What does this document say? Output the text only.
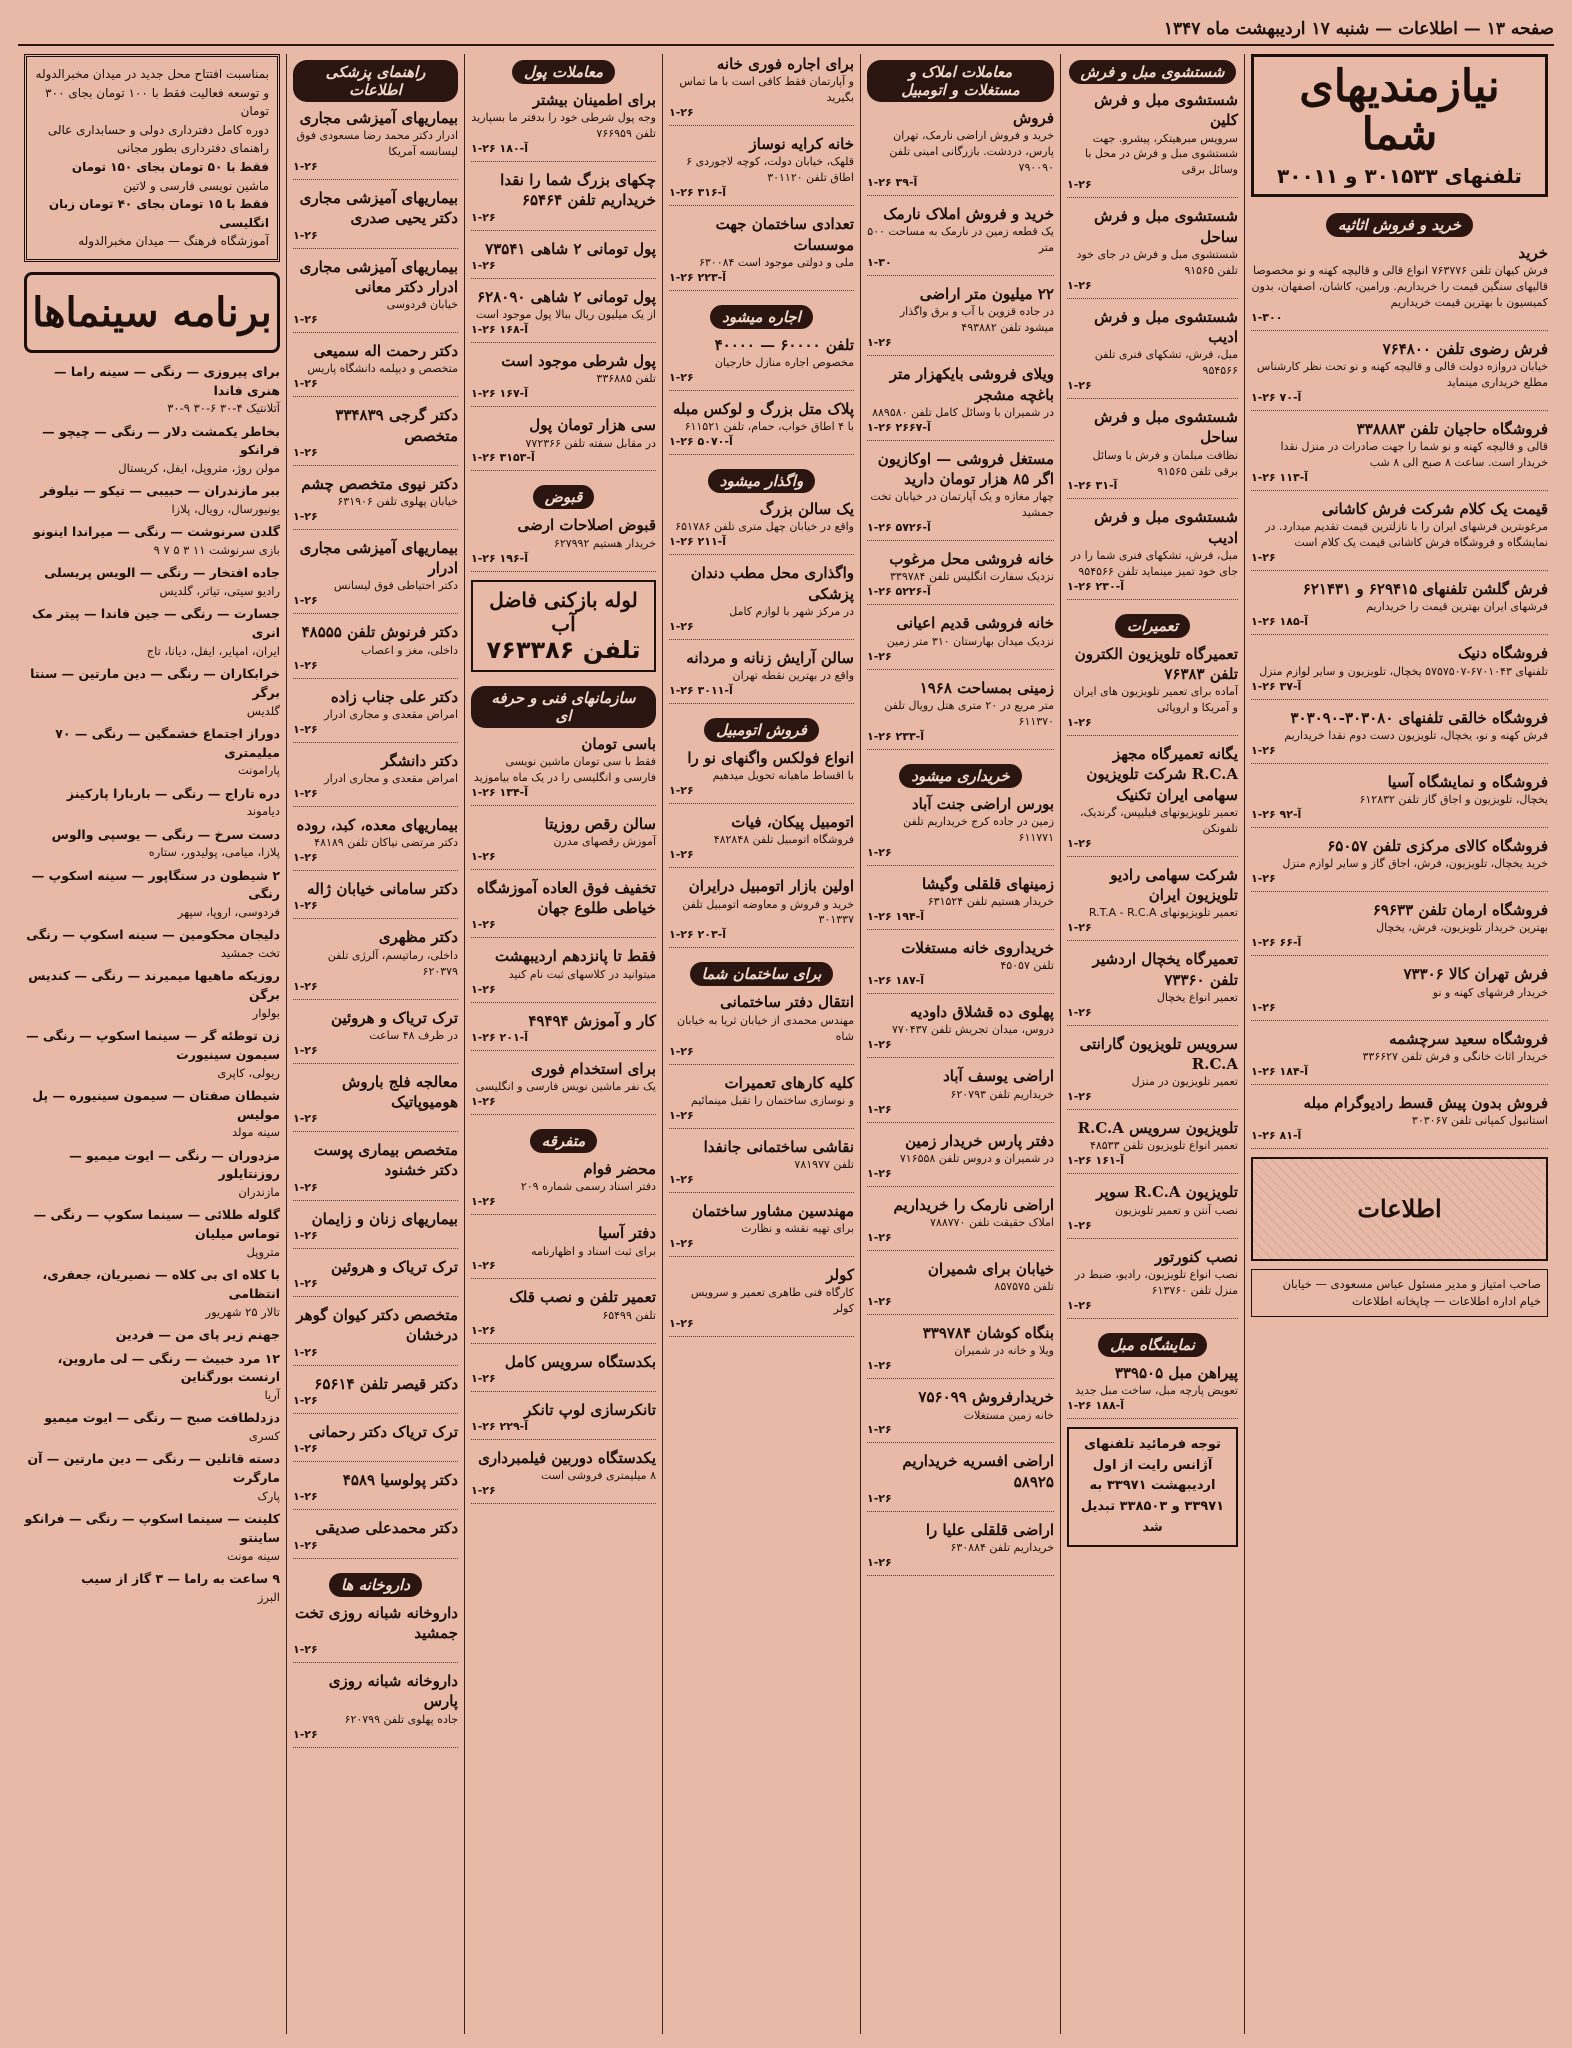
صفحه ۱۳
—
اطلاعات
—
شنبه ۱۷ اردیبهشت ماه ۱۳۴۷
نیازمندیهای شما
تلفنهای ۳۰۱۵۳۳ و ۳۰۰۱۱
خرید و فروش اثاثیه
خرید
فرش کیهان تلفن ۷۶۳۷۷۶ انواع قالی و قالیچه کهنه و نو مخصوصا قالیهای سنگین قیمت را خریداریم. ورامین، کاشان، اصفهان، بدون کمیسیون با بهترین قیمت خریداریم
۱-۳۰۰
فرش رضوی تلفن ۷۶۴۸۰۰
خیابان دروازه دولت قالی و قالیچه کهنه و نو تحت نظر کارشناس مطلع خریداری مینماید
۱-۲۶ ۷۰-آ
فروشگاه حاجیان تلفن ۳۳۸۸۸۳
قالی و قالیچه کهنه و نو شما را جهت صادرات در منزل نقدا خریدار است. ساعت ۸ صبح الی ۸ شب
۱-۲۶ ۱۱۳-آ
قیمت یک کلام شرکت فرش کاشانی
مرغوبترین فرشهای ایران را با نازلترین قیمت تقدیم میدارد. در نمایشگاه و فروشگاه فرش کاشانی قیمت یک کلام است
۱-۲۶
فرش گلشن تلفنهای ۶۲۹۴۱۵ و ۶۲۱۴۳۱
فرشهای ایران بهترین قیمت را خریداریم
۱-۲۶ ۱۸۵-آ
فروشگاه دنیک
تلفنهای ۶۷۰۱۰۴۳-۵۷۵۷۵۰۷ یخچال، تلویزیون و سایر لوازم منزل
۱-۲۶ ۳۷-آ
فروشگاه خالقی تلفنهای ۳۰۳۰۸۰-۳۰۳۰۹۰
فرش کهنه و نو، یخچال، تلویزیون دست دوم نقدا خریداریم
۱-۲۶
فروشگاه و نمایشگاه آسیا
یخچال، تلویزیون و اجاق گاز تلفن ۶۱۲۸۳۲
۱-۲۶ ۹۲-آ
فروشگاه کالای مرکزی تلفن ۶۵۰۵۷
خرید یخچال، تلویزیون، فرش، اجاق گاز و سایر لوازم منزل
۱-۲۶
فروشگاه ارمان تلفن ۶۹۶۳۳
بهترین خریدار تلویزیون، فرش، یخچال
۱-۲۶ ۶۶-آ
فرش تهران کالا ۷۳۳۰۶
خریدار فرشهای کهنه و نو
۱-۲۶
فروشگاه سعید سرچشمه
خریدار اثاث خانگی و فرش تلفن ۳۳۶۶۲۷
۱-۲۶ ۱۸۴-آ
فروش بدون پیش قسط رادیوگرام مبله
استانبول کمپانی تلفن ۳۰۳۰۶۷
۱-۲۶ ۸۱-آ
اطلاعات
صاحب امتیاز و مدیر مسئول عباس مسعودی — خیابان خیام اداره اطلاعات — چاپخانه اطلاعات
شستشوی مبل و فرش
شستشوی مبل و فرش کلین
سرویس مبرهیتکر، پیشرو. جهت شستشوی مبل و فرش در محل با وسائل برقی
۱-۲۶
شستشوی مبل و فرش ساحل
شستشوی مبل و فرش در جای خود تلفن ۹۱۵۶۵
۱-۲۶
شستشوی مبل و فرش ادیب
مبل، فرش، تشکهای فنری تلفن ۹۵۴۵۶۶
۱-۲۶
شستشوی مبل و فرش ساحل
نظافت مبلمان و فرش با وسائل برقی تلفن ۹۱۵۶۵
۱-۲۶ ۳۱-آ
شستشوی مبل و فرش ادیب
مبل، فرش، تشکهای فنری شما را در جای خود تمیز مینماید تلفن ۹۵۴۵۶۶
۱-۲۶ ۲۳۰-آ
تعمیرات
تعمیرگاه تلویزیون الکترون تلفن ۷۶۳۸۳
آماده برای تعمیر تلویزیون های ایران و آمریکا و اروپائی
۱-۲۶
یگانه تعمیرگاه مجهز R.C.A شرکت تلویزیون سهامی ایران تکنیک
تعمیر تلویزیونهای فیلیپس، گرندیک، تلفونکن
۱-۲۶
شرکت سهامی رادیو تلویزیون ایران
تعمیر تلویزیونهای R.T.A - R.C.A
۱-۲۶
تعمیرگاه یخچال اردشیر تلفن ۷۳۳۶۰
تعمیر انواع یخچال
۱-۲۶
سرویس تلویزیون گارانتی R.C.A
تعمیر تلویزیون در منزل
۱-۲۶
تلویزیون سرویس R.C.A
تعمیر انواع تلویزیون تلفن ۴۸۵۳۳
۱-۲۶ ۱۶۱-آ
تلویزیون R.C.A سوپر
نصب آنتن و تعمیر تلویزیون
۱-۲۶
نصب کنورتور
نصب انواع تلویزیون، رادیو، ضبط در منزل تلفن ۶۱۳۷۶۰
۱-۲۶
نمایشگاه مبل
پیراهن مبل ۳۳۹۵۰۵
تعویض پارچه مبل، ساخت مبل جدید
۱-۲۶ ۱۸۸-آ
توجه فرمائید تلفنهای آژانس رایت از اول اردیبهشت ۳۳۹۷۱ به ۳۳۹۷۱ و ۳۳۸۵۰۳ تبدیل شد
معاملات املاک و مستغلات و اتومبیل
فروش
خرید و فروش اراضی نارمک، تهران پارس، دردشت. بازرگانی امینی تلفن ۷۹۰۰۹۰
۱-۲۶ ۳۹-آ
خرید و فروش املاک نارمک
یک قطعه زمین در نارمک به مساحت ۵۰۰ متر
۱-۳۰
۲۲ میلیون متر اراضی
در جاده قزوین با آب و برق واگذار میشود تلفن ۴۹۳۸۸۲
۱-۲۶
ویلای فروشی بایکهزار متر باغچه مشجر
در شمیران با وسائل کامل تلفن ۸۸۹۵۸۰
۱-۲۶ ۲۶۶۷-آ
مستغل فروشی — اوکازیون اگر ۸۵ هزار تومان دارید
چهار مغازه و یک آپارتمان در خیابان تخت جمشید
۱-۲۶ ۵۷۲۶-آ
خانه فروشی محل مرغوب
نزدیک سفارت انگلیس تلفن ۳۳۹۷۸۴
۱-۲۶ ۵۲۲۶-آ
خانه فروشی قدیم اعیانی
نزدیک میدان بهارستان ۳۱۰ متر زمین
۱-۲۶
زمینی بمساحت ۱۹۶۸
متر مربع در ۲۰ متری هتل رویال تلفن ۶۱۱۳۷۰
۱-۲۶ ۲۳۳-آ
خریداری میشود
بورس اراضی جنت آباد
زمین در جاده کرج خریداریم تلفن ۶۱۱۷۷۱
۱-۲۶
زمینهای قلقلی وگیشا
خریدار هستیم تلفن ۶۳۱۵۲۴
۱-۲۶ ۱۹۴-آ
خریداروی خانه مستغلات
تلفن ۴۵۰۵۷
۱-۲۶ ۱۸۷-آ
پهلوی ده قشلاق داودیه
دروس، میدان تجریش تلفن ۷۷۰۴۳۷
۱-۲۶
اراضی یوسف آباد
خریداریم تلفن ۶۲۰۷۹۳
۱-۲۶
دفتر پارس خریدار زمین
در شمیران و دروس تلفن ۷۱۶۵۵۸
۱-۲۶
اراضی نارمک را خریداریم
املاک حقیقت تلفن ۷۸۸۷۷۰
۱-۲۶
خیابان برای شمیران
تلفن ۸۵۷۵۷۵
۱-۲۶
بنگاه کوشان ۳۳۹۷۸۴
ویلا و خانه در شمیران
۱-۲۶
خریدارفروش ۷۵۶۰۹۹
خانه زمین مستغلات
۱-۲۶
اراضی افسریه خریداریم ۵۸۹۲۵
۱-۲۶
اراضی قلقلی علیا را
خریداریم تلفن ۶۳۰۸۸۴
۱-۲۶
برای اجاره فوری خانه
و آپارتمان فقط کافی است با ما تماس بگیرید
۱-۲۶
خانه کرایه نوساز
قلهک، خیابان دولت، کوچه لاجوردی ۶ اطاق تلفن ۳۰۱۱۲۰
۱-۲۶ ۳۱۶-آ
تعدادی ساختمان جهت موسسات
ملی و دولتی موجود است ۶۳۰۰۸۴
۱-۲۶ ۲۲۳-آ
اجاره میشود
تلفن ۶۰۰۰۰ — ۴۰۰۰۰
مخصوص اجاره منازل خارجیان
۱-۲۶
پلاک متل بزرگ و لوکس مبله
با ۴ اطاق خواب، حمام، تلفن ۶۱۱۵۲۱
۱-۲۶ ۵۰۷۰-آ
واگذار میشود
یک سالن بزرگ
واقع در خیابان چهل متری تلفن ۶۵۱۷۸۶
۱-۲۶ ۲۱۱-آ
واگذاری محل مطب دندان پزشکی
در مرکز شهر با لوازم کامل
۱-۲۶
سالن آرایش زنانه و مردانه
واقع در بهترین نقطه تهران
۱-۲۶ ۳۰۱۱-آ
فروش اتومبیل
انواع فولکس واگنهای نو را
با اقساط ماهیانه تحویل میدهیم
۱-۲۶
اتومبیل پیکان، فیات
فروشگاه اتومبیل تلفن ۴۸۲۸۴۸
۱-۲۶
اولین بازار اتومبیل درایران
خرید و فروش و معاوضه اتومبیل تلفن ۳۰۱۳۳۷
۱-۲۶ ۲۰۳-آ
برای ساختمان شما
انتقال دفتر ساختمانی
مهندس محمدی از خیابان ثریا به خیابان شاه
۱-۲۶
کلیه کارهای تعمیرات
و نوسازی ساختمان را تقبل مینمائیم
۱-۲۶
نقاشی ساختمانی جانفدا
تلفن ۷۸۱۹۷۷
۱-۲۶
مهندسین مشاور ساختمان
برای تهیه نقشه و نظارت
۱-۲۶
کولر
کارگاه فنی طاهری تعمیر و سرویس کولر
۱-۲۶
معاملات پول
برای اطمینان بیشتر
وجه پول شرطی خود را بدفتر ما بسپارید تلفن ۷۶۶۹۵۹
۱-۲۶ ۱۸۰-آ
چکهای بزرگ شما را نقدا خریداریم تلفن ۶۵۴۶۴
۱-۲۶
پول تومانی ۲ شاهی ۷۳۵۴۱
۱-۲۶
پول تومانی ۲ شاهی ۶۲۸۰۹۰
از یک میلیون ریال ببالا پول موجود است
۱-۲۶ ۱۶۸-آ
پول شرطی موجود است
تلفن ۳۳۶۸۸۵
۱-۲۶ ۱۶۷-آ
سی هزار تومان پول
در مقابل سفته تلفن ۷۷۲۳۶۶
۱-۲۶ ۳۱۵۳-آ
قبوض
قبوض اصلاحات ارضی
خریدار هستیم ۶۲۷۹۹۲
۱-۲۶ ۱۹۶-آ
لوله بازکنی فاضل آب
تلفن ۷۶۳۳۸۶
سازمانهای فنی و حرفه ای
باسی تومان
فقط با سی تومان ماشین نویسی فارسی و انگلیسی را در یک ماه بیاموزید
۱-۲۶ ۱۳۴-آ
سالن رقص روزیتا
آموزش رقصهای مدرن
۱-۲۶
تخفیف فوق العاده آموزشگاه خیاطی طلوع جهان
۱-۲۶
فقط تا پانزدهم اردیبهشت
میتوانید در کلاسهای ثبت نام کنید
۱-۲۶
کار و آموزش ۴۹۴۹۴
۱-۲۶ ۲۰۱-آ
برای استخدام فوری
یک نفر ماشین نویس فارسی و انگلیسی
۱-۲۶
متفرقه
محضر فوام
دفتر اسناد رسمی شماره ۲۰۹
۱-۲۶
دفتر آسیا
برای ثبت اسناد و اظهارنامه
۱-۲۶
تعمیر تلفن و نصب قلک
تلفن ۶۵۴۹۹
۱-۲۶
بکدستگاه سرویس کامل
۱-۲۶
تانکرسازی لوپ تانکر
۱-۲۶ ۲۲۹-آ
یکدستگاه دوربین فیلمبرداری
۸ میلیمتری فروشی است
۱-۲۶
راهنمای پزشکی اطلاعات
بیماریهای آمیزشی مجاری
ادرار دکتر محمد رضا مسعودی فوق لیسانسه آمریکا
۱-۲۶
بیماریهای آمیزشی مجاری دکتر یحیی صدری
۱-۲۶
بیماریهای آمیزشی مجاری ادرار دکتر معانی
خیابان فردوسی
۱-۲۶
دکتر رحمت اله سمیعی
متخصص و دیپلمه دانشگاه پاریس
۱-۲۶
دکتر گرجی ۳۳۴۸۳۹ متخصص
۱-۲۶
دکتر نیوی متخصص چشم
خیابان پهلوی تلفن ۶۳۱۹۰۶
۱-۲۶
بیماریهای آمیزشی مجاری ادرار
دکتر احتیاطی فوق لیسانس
۱-۲۶
دکتر فرنوش تلفن ۴۸۵۵۵
داخلی، مغز و اعصاب
۱-۲۶
دکتر علی جناب زاده
امراض مقعدی و مجاری ادرار
۱-۲۶
دکتر دانشگر
امراض مقعدی و مجاری ادرار
۱-۲۶
بیماریهای معده، کبد، روده
دکتر مرتضی نیاکان تلفن ۴۸۱۸۹
۱-۲۶
دکتر سامانی خیابان ژاله
۱-۲۶
دکتر مظهری
داخلی، رماتیسم، آلرژی تلفن ۶۲۰۳۷۹
۱-۲۶
ترک تریاک و هروئین
در ظرف ۴۸ ساعت
۱-۲۶
معالجه فلج باروش هومیوپاتیک
۱-۲۶
متخصص بیماری پوست دکتر خشنود
۱-۲۶
بیماریهای زنان و زایمان
۱-۲۶
ترک تریاک و هروئین
۱-۲۶
متخصص دکتر کیوان گوهر درخشان
۱-۲۶
دکتر قیصر تلفن ۶۵۶۱۴
۱-۲۶
ترک تریاک دکتر رحمانی
۱-۲۶
دکتر پولوسیا ۴۵۸۹
۱-۲۶
دکتر محمدعلی صدیقی
۱-۲۶
داروخانه ها
داروخانه شبانه روزی تخت جمشید
۱-۲۶
داروخانه شبانه روزی پارس
جاده پهلوی تلفن ۶۲۰۷۹۹
۱-۲۶
بمناسبت افتتاح محل جدید در میدان مخبرالدوله و توسعه فعالیت فقط با ۱۰۰ تومان بجای ۳۰۰ تومان
دوره کامل دفترداری دولی و حسابداری عالی راهنمای دفترداری بطور مجانی
فقط با ۵۰ تومان بجای ۱۵۰ تومان
ماشین نویسی فارسی و لاتین
فقط با ۱۵ تومان بجای ۴۰ تومان زبان انگلیسی
آموزشگاه فرهنگ — میدان مخبرالدوله
برنامه سینماها
برای پیروزی — رنگی — سینه راما — هنری فاندا
آتلانتیک ۴-۳۰ ۶-۳۰ ۹-۳۰
بخاطر یکمشت دلار — رنگی — چیچو — فرانکو
مولن روژ، متروپل، ایفل، کریستال
ببر مازندران — حبیبی — تیکو — نیلوفر
یونیورسال، رویال، پلازا
گلدن سرنوشت — رنگی — میراندا اینونو
بازی سرنوشت ۱۱ ۳ ۵ ۷ ۹
جاده افتخار — رنگی — الویس پریسلی
رادیو سیتی، تیاتر، گلدیس
جسارت — رنگی — جین فاندا — پیتر مک انری
ایران، امپایر، ایفل، دیانا، تاج
خرابکاران — رنگی — دین مارتین — سنتا برگر
گلدیس
دوراز اجتماع خشمگین — رنگی — ۷۰ میلیمتری
پارامونت
دره تاراج — رنگی — باربارا پارکینز
دیاموند
دست سرخ — رنگی — یوسپی والوس
پلازا، میامی، پولیدور، ستاره
۲ شیطون در سنگاپور — سینه اسکوپ — رنگی
فردوسی، اروپا، سپهر
دلیجان محکومین — سینه اسکوپ — رنگی
تخت جمشید
روزیکه ماهیها میمیرند — رنگی — کندیس برگن
بولوار
زن توطئه گر — سینما اسکوپ — رنگی — سیمون سینیورت
ریولی، کاپری
شیطان صفتان — سیمون سینیوره — پل مولیس
سینه مولد
مزدوران — رنگی — ایوت میمیو — روزنتایلور
مازندران
گلوله طلائی — سینما سکوپ — رنگی — توماس میلیان
متروپل
با کلاه ای بی کلاه — نصیریان، جعفری، انتظامی
تالار ۲۵ شهریور
جهنم زیر پای من — فردین
۱۲ مرد خبیث — رنگی — لی ماروین، ارنست بورگناین
آریا
دزدلطافت صبح — رنگی — ایوت میمیو
کسری
دسته قاتلین — رنگی — دین مارتین — آن مارگرت
پارک
کلینت — سینما اسکوپ — رنگی — فرانکو ساینتو
سینه مونت
۹ ساعت به راما — ۳ گاز از سیب
البرز
